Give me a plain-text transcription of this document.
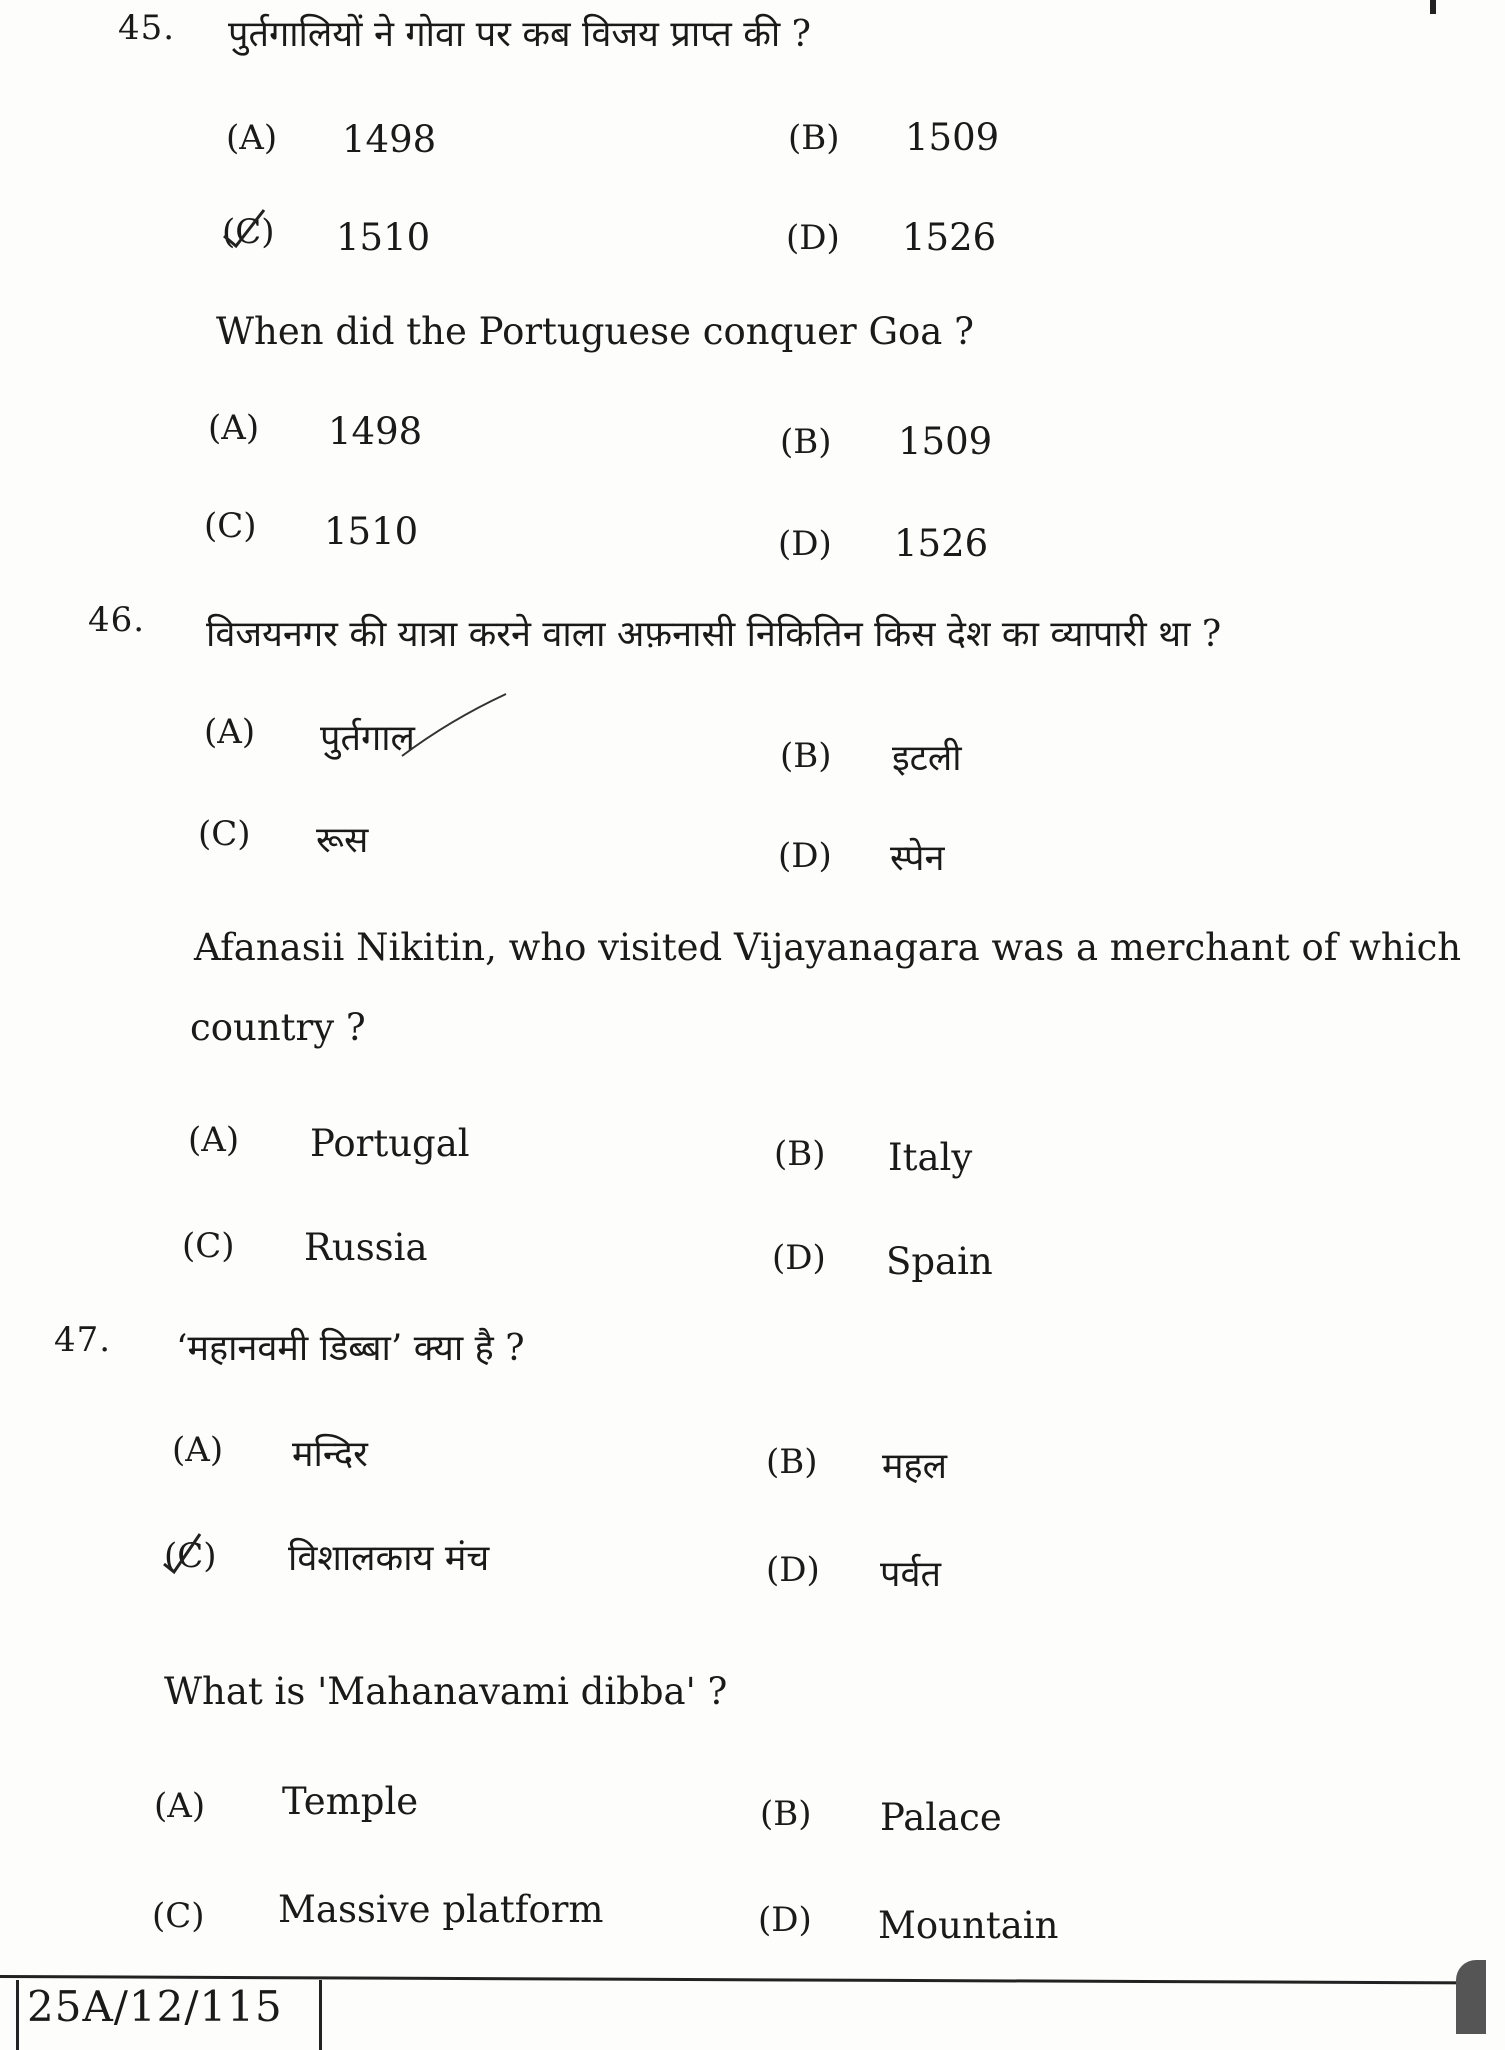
45. पुर्तगालियों ने गोवा पर कब विजय प्राप्त की ?
(A) 1498	(B) 1509
(C) 1510	(D) 1526
When did the Portuguese conquer Goa ?
(A) 1498	(B) 1509
(C) 1510	(D) 1526
46. विजयनगर की यात्रा करने वाला अफ़नासी निकितिन किस देश का व्यापारी था ?
(A) पुर्तगाल	(B) इटली
(C) रूस	(D) स्पेन
Afanasii Nikitin, who visited Vijayanagara was a merchant of which
country ?
(A) Portugal	(B) Italy
(C) Russia	(D) Spain
47. ‘महानवमी डिब्बा’ क्या है ?
(A) मन्दिर	(B) महल
(C) विशालकाय मंच	(D) पर्वत
What is 'Mahanavami dibba' ?
(A) Temple	(B) Palace
(C) Massive platform	(D) Mountain
25A/12/115
